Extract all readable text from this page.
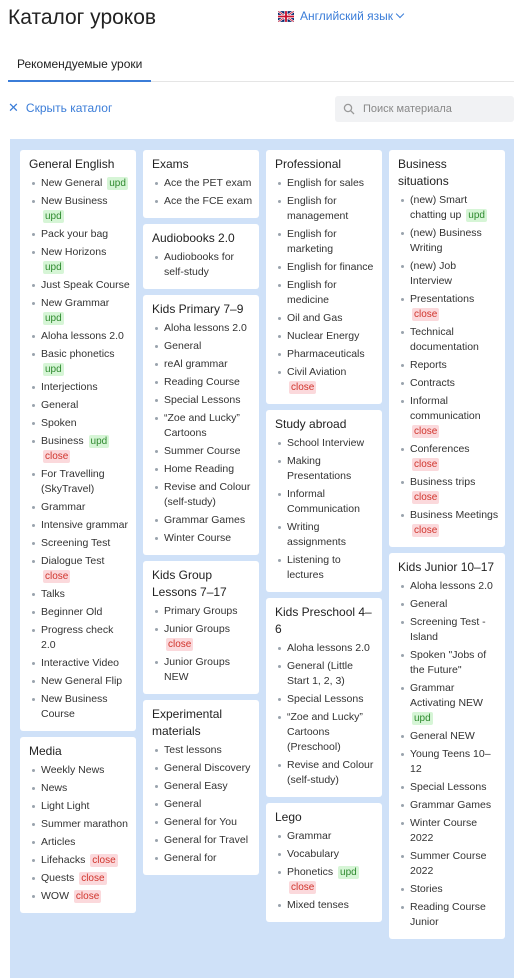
Каталог уроков	Английский язык
Рекомендуемые уроки
✕ Скрыть каталог
Поиск материала
General English
New General upd
New Business upd
Pack your bag
New Horizons upd
Just Speak Course
New Grammar upd
Aloha lessons 2.0
Basic phonetics upd
Interjections
General
Spoken
Business upd close
For Travelling (SkyTravel)
Grammar
Intensive grammar
Screening Test
Dialogue Test close
Talks
Beginner Old
Progress check 2.0
Interactive Video
New General Flip
New Business Course
Media
Weekly News
News
Light Light
Summer marathon
Articles
Lifehacks close
Quests close
WOW close
Exams
Ace the PET exam
Ace the FCE exam
Audiobooks 2.0
Audiobooks for self-study
Kids Primary 7–9
Aloha lessons 2.0
General
reAl grammar
Reading Course
Special Lessons
“Zoe and Lucky” Cartoons
Summer Course
Home Reading
Revise and Colour (self-study)
Grammar Games
Winter Course
Kids Group Lessons 7–17
Primary Groups
Junior Groups close
Junior Groups NEW
Experimental materials
Test lessons
General Discovery
General Easy
General
General for You
General for Travel
General for
Professional
English for sales
English for management
English for marketing
English for finance
English for medicine
Oil and Gas
Nuclear Energy
Pharmaceuticals
Civil Aviation close
Study abroad
School Interview
Making Presentations
Informal Communication
Writing assignments
Listening to lectures
Kids Preschool 4–6
Aloha lessons 2.0
General (Little Start 1, 2, 3)
Special Lessons
“Zoe and Lucky” Cartoons (Preschool)
Revise and Colour (self-study)
Lego
Grammar
Vocabulary
Phonetics upd close
Mixed tenses
Business situations
(new) Smart chatting up upd
(new) Business Writing
(new) Job Interview
Presentations close
Technical documentation
Reports
Contracts
Informal communication close
Conferences close
Business trips close
Business Meetings close
Kids Junior 10–17
Aloha lessons 2.0
General
Screening Test - Island
Spoken "Jobs of the Future"
Grammar Activating NEW upd
General NEW
Young Teens 10–12
Special Lessons
Grammar Games
Winter Course 2022
Summer Course 2022
Stories
Reading Course Junior
